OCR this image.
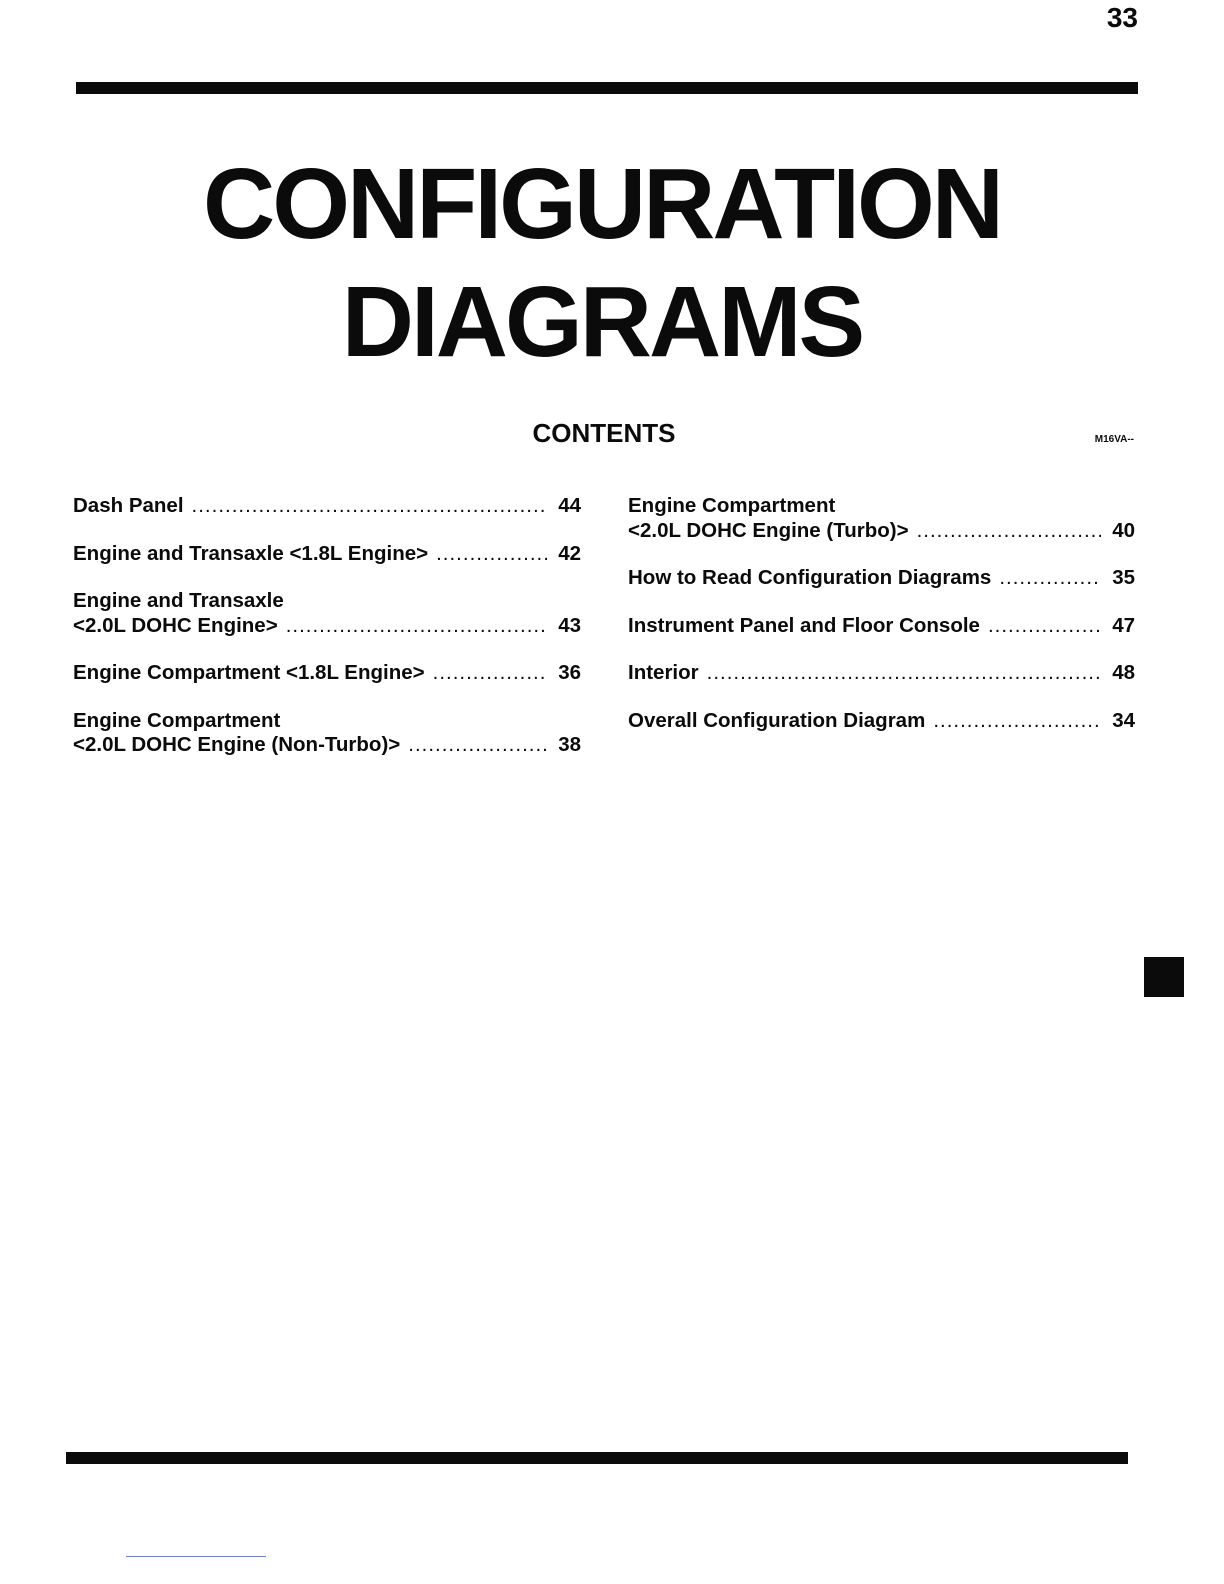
33
CONFIGURATION
DIAGRAMS
CONTENTS	M16VA--
Dash Panel .....	44
Engine and Transaxle <1.8L Engine> .....	42
Engine and Transaxle
<2.0L DOHC Engine> .....	43
Engine Compartment <1.8L Engine> .....	36
Engine Compartment
<2.0L DOHC Engine (Non-Turbo)> .....	38
Engine Compartment
<2.0L DOHC Engine (Turbo)> .....	40
How to Read Configuration Diagrams .....	35
Instrument Panel and Floor Console .....	47
Interior .....	48
Overall Configuration Diagram .....	34
